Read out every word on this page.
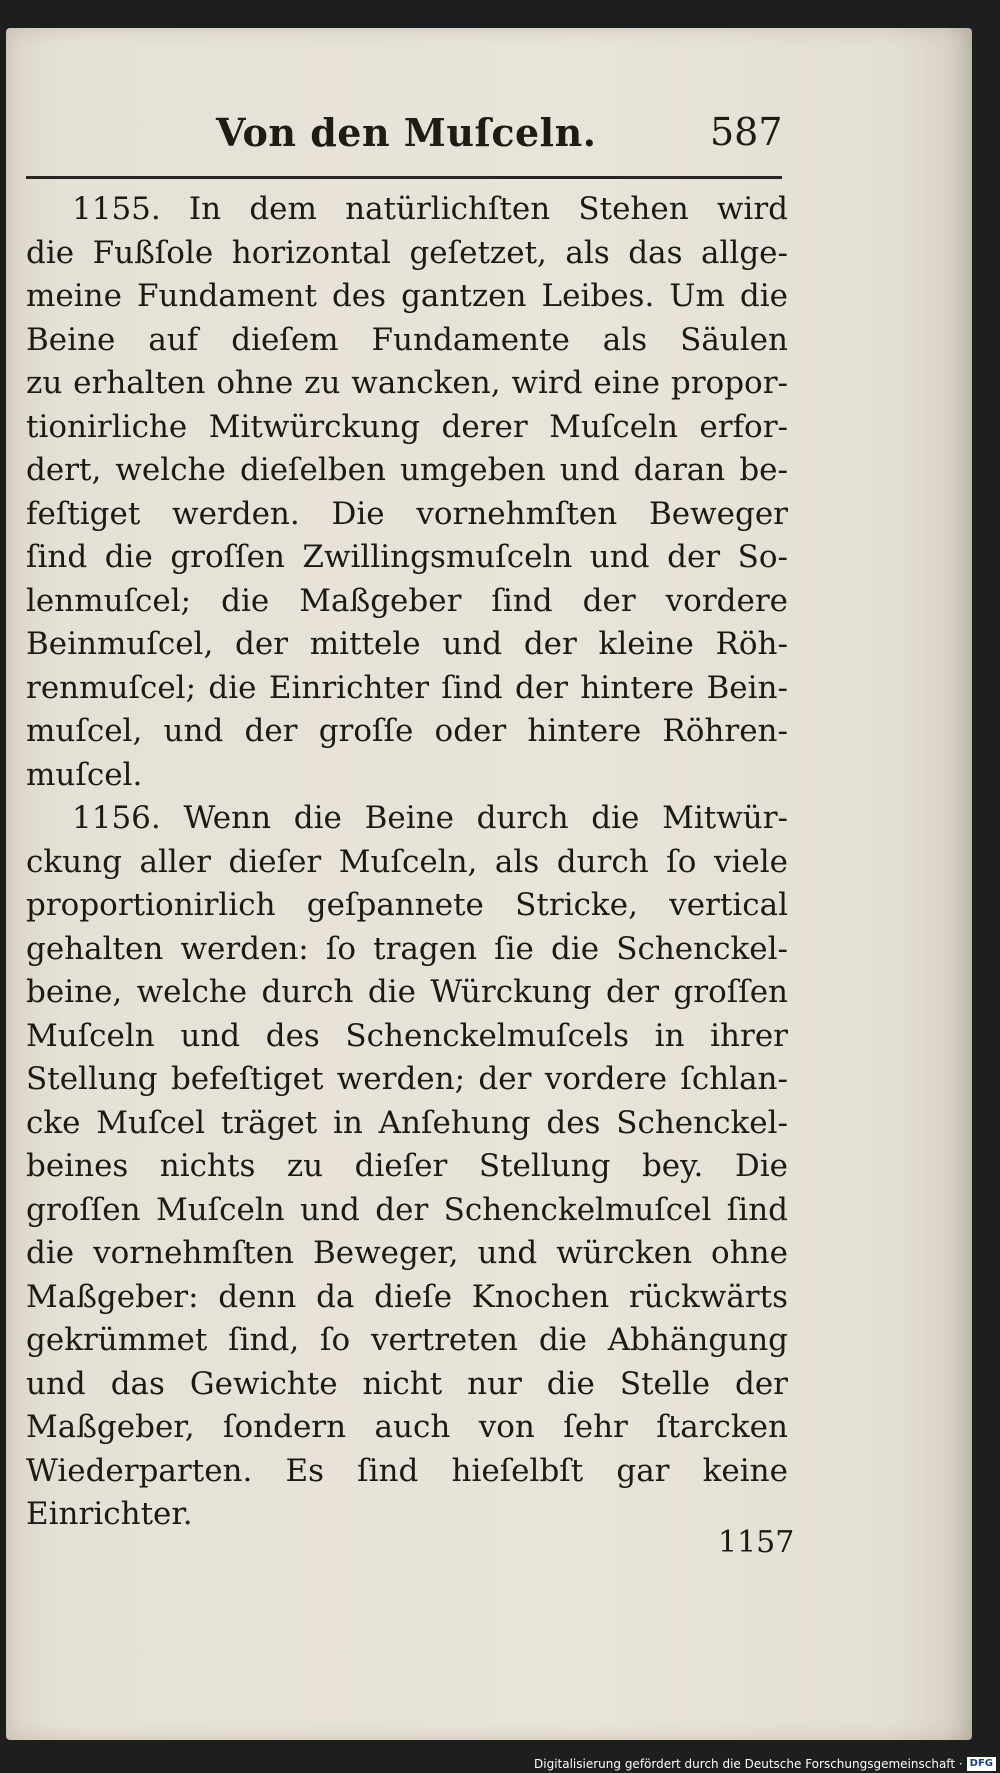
Von den Muſceln.	587
1155. In dem natürlichſten Stehen wird
die Fußſole horizontal geſetzet, als das allge-
meine Fundament des gantzen Leibes. Um die
Beine auf dieſem Fundamente als Säulen
zu erhalten ohne zu wancken, wird eine propor-
tionirliche Mitwürckung derer Muſceln erfor-
dert, welche dieſelben umgeben und daran be-
feſtiget werden. Die vornehmſten Beweger
ſind die groſſen Zwillingsmuſceln und der So-
lenmuſcel; die Maßgeber ſind der vordere
Beinmuſcel, der mittele und der kleine Röh-
renmuſcel; die Einrichter ſind der hintere Bein-
muſcel, und der groſſe oder hintere Röhren-
muſcel.
1156. Wenn die Beine durch die Mitwür-
ckung aller dieſer Muſceln, als durch ſo viele
proportionirlich geſpannete Stricke, vertical
gehalten werden: ſo tragen ſie die Schenckel-
beine, welche durch die Würckung der groſſen
Muſceln und des Schenckelmuſcels in ihrer
Stellung befeſtiget werden; der vordere ſchlan-
cke Muſcel träget in Anſehung des Schenckel-
beines nichts zu dieſer Stellung bey. Die
groſſen Muſceln und der Schenckelmuſcel ſind
die vornehmſten Beweger, und würcken ohne
Maßgeber: denn da dieſe Knochen rückwärts
gekrümmet ſind, ſo vertreten die Abhängung
und das Gewichte nicht nur die Stelle der
Maßgeber, ſondern auch von ſehr ſtarcken
Wiederparten. Es ſind hieſelbſt gar keine
Einrichter.
1157
Digitalisierung gefördert durch die Deutsche Forschungsgemeinschaft · DFG
